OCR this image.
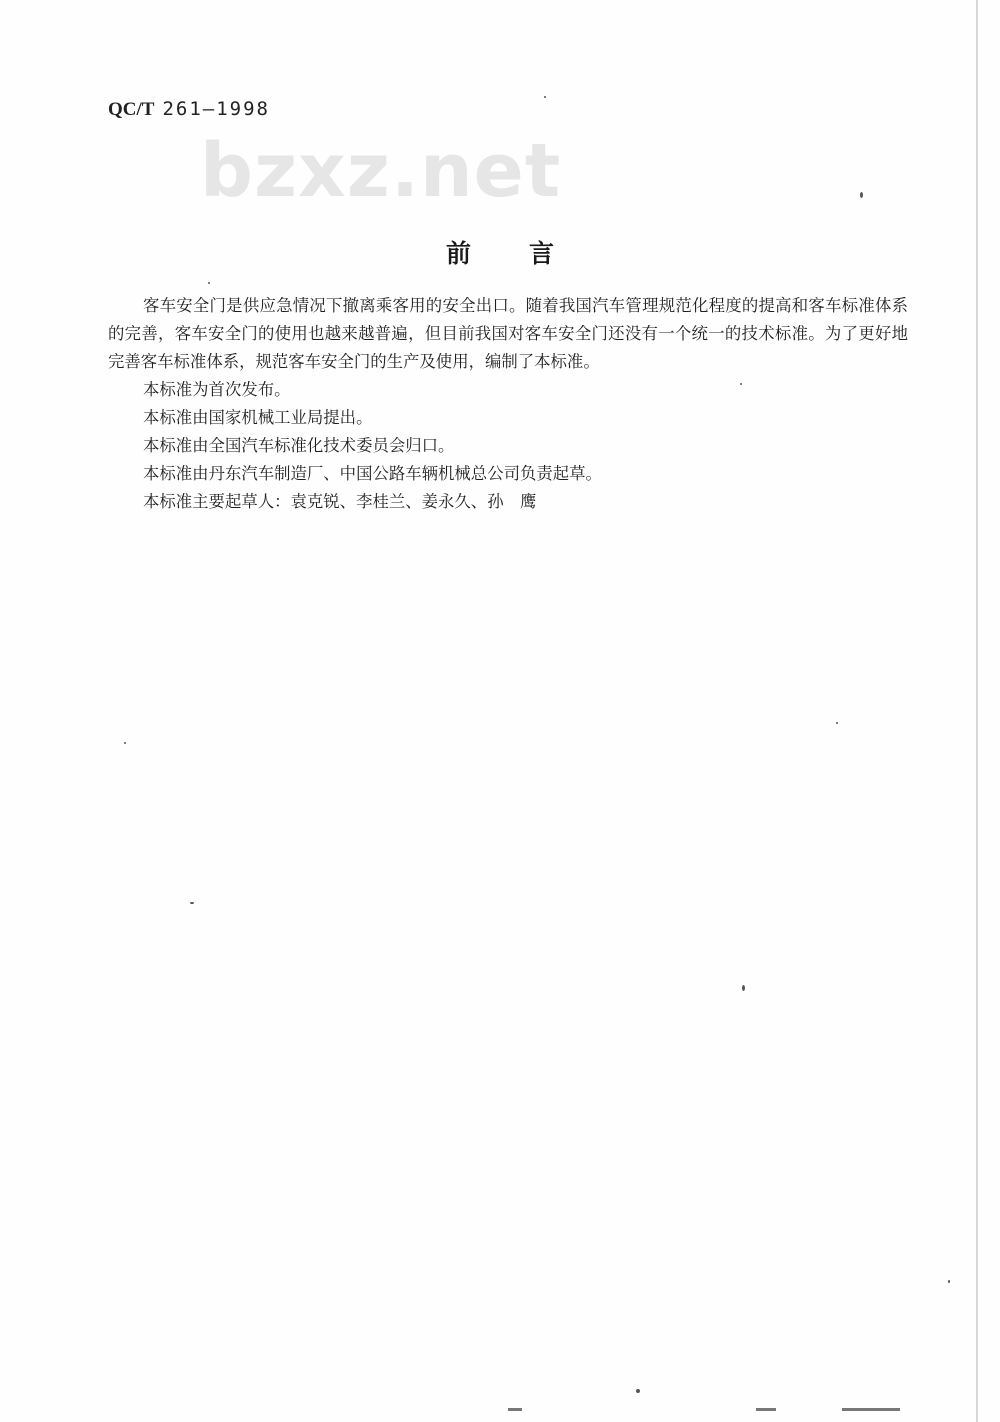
QC/T 261—1998
bzxz.net
前言

客车安全门是供应急情况下撤离乘客用的安全出口。随着我国汽车管理规范化程度的提高和客车标准体系的完善，客车安全门的使用也越来越普遍，但目前我国对客车安全门还没有一个统一的技术标准。为了更好地完善客车标准体系，规范客车安全门的生产及使用，编制了本标准。

本标准为首次发布。

本标准由国家机械工业局提出。

本标准由全国汽车标准化技术委员会归口。

本标准由丹东汽车制造厂、中国公路车辆机械总公司负责起草。

本标准主要起草人：袁克锐、李桂兰、姜永久、孙　鹰
